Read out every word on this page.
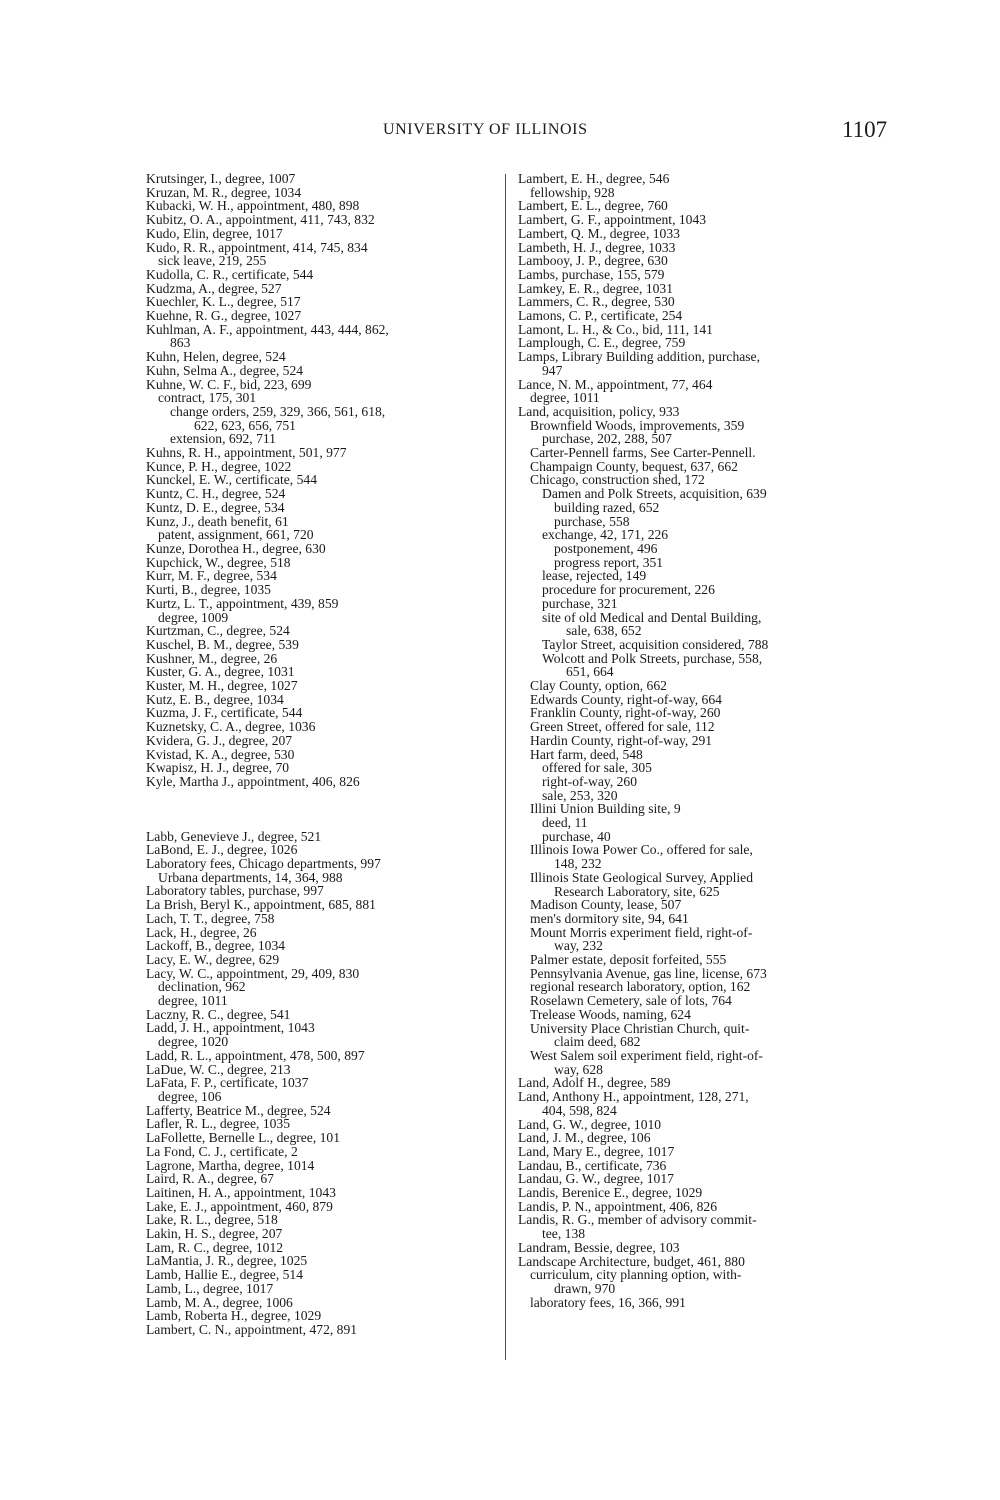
UNIVERSITY OF ILLINOIS	1107
Krutsinger, I., degree, 1007
Kruzan, M. R., degree, 1034
Kubacki, W. H., appointment, 480, 898
Kubitz, O. A., appointment, 411, 743, 832
Kudo, Elin, degree, 1017
Kudo, R. R., appointment, 414, 745, 834
sick leave, 219, 255
Kudolla, C. R., certificate, 544
Kudzma, A., degree, 527
Kuechler, K. L., degree, 517
Kuehne, R. G., degree, 1027
Kuhlman, A. F., appointment, 443, 444, 862,
863
Kuhn, Helen, degree, 524
Kuhn, Selma A., degree, 524
Kuhne, W. C. F., bid, 223, 699
contract, 175, 301
change orders, 259, 329, 366, 561, 618,
622, 623, 656, 751
extension, 692, 711
Kuhns, R. H., appointment, 501, 977
Kunce, P. H., degree, 1022
Kunckel, E. W., certificate, 544
Kuntz, C. H., degree, 524
Kuntz, D. E., degree, 534
Kunz, J., death benefit, 61
patent, assignment, 661, 720
Kunze, Dorothea H., degree, 630
Kupchick, W., degree, 518
Kurr, M. F., degree, 534
Kurti, B., degree, 1035
Kurtz, L. T., appointment, 439, 859
degree, 1009
Kurtzman, C., degree, 524
Kuschel, B. M., degree, 539
Kushner, M., degree, 26
Kuster, G. A., degree, 1031
Kuster, M. H., degree, 1027
Kutz, E. B., degree, 1034
Kuzma, J. F., certificate, 544
Kuznetsky, C. A., degree, 1036
Kvidera, G. J., degree, 207
Kvistad, K. A., degree, 530
Kwapisz, H. J., degree, 70
Kyle, Martha J., appointment, 406, 826
Labb, Genevieve J., degree, 521
LaBond, E. J., degree, 1026
Laboratory fees, Chicago departments, 997
Urbana departments, 14, 364, 988
Laboratory tables, purchase, 997
La Brish, Beryl K., appointment, 685, 881
Lach, T. T., degree, 758
Lack, H., degree, 26
Lackoff, B., degree, 1034
Lacy, E. W., degree, 629
Lacy, W. C., appointment, 29, 409, 830
declination, 962
degree, 1011
Laczny, R. C., degree, 541
Ladd, J. H., appointment, 1043
degree, 1020
Ladd, R. L., appointment, 478, 500, 897
LaDue, W. C., degree, 213
LaFata, F. P., certificate, 1037
degree, 106
Lafferty, Beatrice M., degree, 524
Lafler, R. L., degree, 1035
LaFollette, Bernelle L., degree, 101
La Fond, C. J., certificate, 2
Lagrone, Martha, degree, 1014
Laird, R. A., degree, 67
Laitinen, H. A., appointment, 1043
Lake, E. J., appointment, 460, 879
Lake, R. L., degree, 518
Lakin, H. S., degree, 207
Lam, R. C., degree, 1012
LaMantia, J. R., degree, 1025
Lamb, Hallie E., degree, 514
Lamb, L., degree, 1017
Lamb, M. A., degree, 1006
Lamb, Roberta H., degree, 1029
Lambert, C. N., appointment, 472, 891
Lambert, E. H., degree, 546
fellowship, 928
Lambert, E. L., degree, 760
Lambert, G. F., appointment, 1043
Lambert, Q. M., degree, 1033
Lambeth, H. J., degree, 1033
Lambooy, J. P., degree, 630
Lambs, purchase, 155, 579
Lamkey, E. R., degree, 1031
Lammers, C. R., degree, 530
Lamons, C. P., certificate, 254
Lamont, L. H., & Co., bid, 111, 141
Lamplough, C. E., degree, 759
Lamps, Library Building addition, purchase,
947
Lance, N. M., appointment, 77, 464
degree, 1011
Land, acquisition, policy, 933
Brownfield Woods, improvements, 359
purchase, 202, 288, 507
Carter-Pennell farms, See Carter-Pennell.
Champaign County, bequest, 637, 662
Chicago, construction shed, 172
Damen and Polk Streets, acquisition, 639
building razed, 652
purchase, 558
exchange, 42, 171, 226
postponement, 496
progress report, 351
lease, rejected, 149
procedure for procurement, 226
purchase, 321
site of old Medical and Dental Building,
sale, 638, 652
Taylor Street, acquisition considered, 788
Wolcott and Polk Streets, purchase, 558,
651, 664
Clay County, option, 662
Edwards County, right-of-way, 664
Franklin County, right-of-way, 260
Green Street, offered for sale, 112
Hardin County, right-of-way, 291
Hart farm, deed, 548
offered for sale, 305
right-of-way, 260
sale, 253, 320
Illini Union Building site, 9
deed, 11
purchase, 40
Illinois Iowa Power Co., offered for sale,
148, 232
Illinois State Geological Survey, Applied
Research Laboratory, site, 625
Madison County, lease, 507
men's dormitory site, 94, 641
Mount Morris experiment field, right-of-
way, 232
Palmer estate, deposit forfeited, 555
Pennsylvania Avenue, gas line, license, 673
regional research laboratory, option, 162
Roselawn Cemetery, sale of lots, 764
Trelease Woods, naming, 624
University Place Christian Church, quit-
claim deed, 682
West Salem soil experiment field, right-of-
way, 628
Land, Adolf H., degree, 589
Land, Anthony H., appointment, 128, 271,
404, 598, 824
Land, G. W., degree, 1010
Land, J. M., degree, 106
Land, Mary E., degree, 1017
Landau, B., certificate, 736
Landau, G. W., degree, 1017
Landis, Berenice E., degree, 1029
Landis, P. N., appointment, 406, 826
Landis, R. G., member of advisory commit-
tee, 138
Landram, Bessie, degree, 103
Landscape Architecture, budget, 461, 880
curriculum, city planning option, with-
drawn, 970
laboratory fees, 16, 366, 991
